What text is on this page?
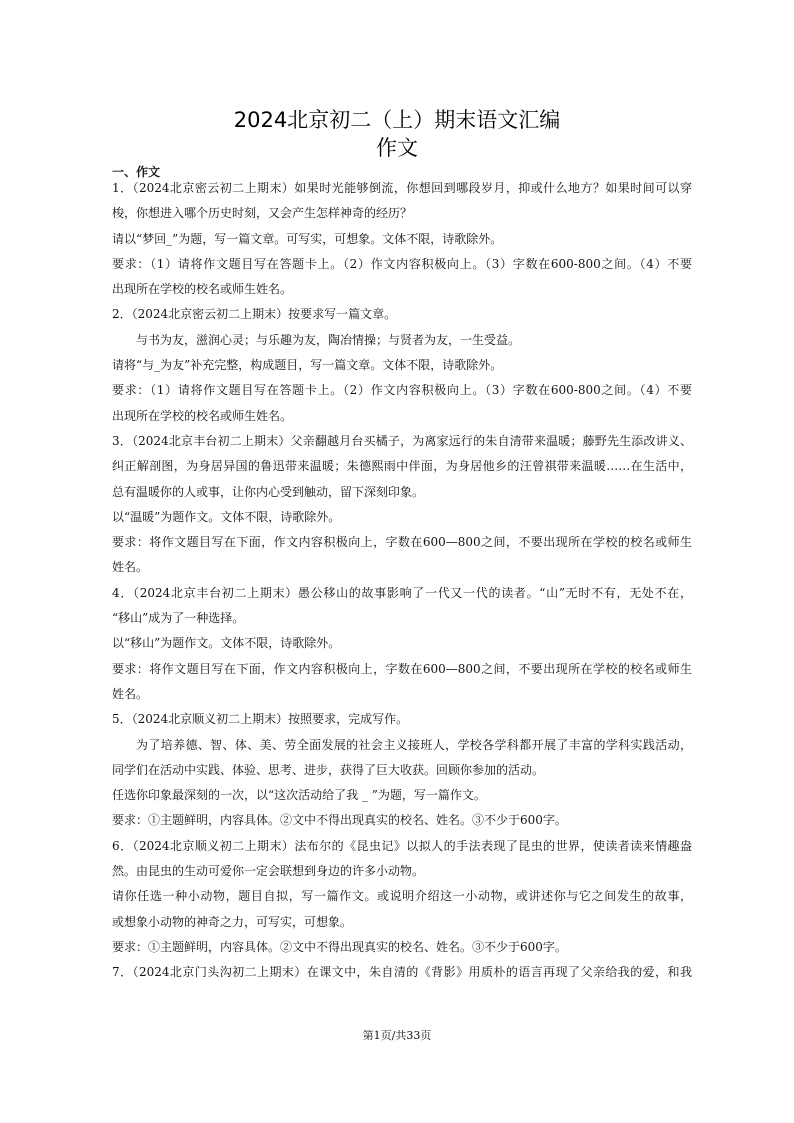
2024北京初二（上）期末语文汇编
作文
一、作文
1．（2024北京密云初二上期末）如果时光能够倒流，你想回到哪段岁月，抑或什么地方？如果时间可以穿
梭，你想进入哪个历史时刻，又会产生怎样神奇的经历？
请以“梦回_”为题，写一篇文章。可写实，可想象。文体不限，诗歌除外。
要求：（1）请将作文题目写在答题卡上。（2）作文内容积极向上。（3）字数在600-800之间。（4）不要
出现所在学校的校名或师生姓名。
2．（2024北京密云初二上期末）按要求写一篇文章。
与书为友，滋润心灵；与乐趣为友，陶冶情操；与贤者为友，一生受益。
请将“与_为友”补充完整，构成题目，写一篇文章。文体不限，诗歌除外。
要求：（1）请将作文题目写在答题卡上。（2）作文内容积极向上。（3）字数在600-800之间。（4）不要
出现所在学校的校名或师生姓名。
3．（2024北京丰台初二上期末）父亲翻越月台买橘子，为离家远行的朱自清带来温暖；藤野先生添改讲义、
纠正解剖图，为身居异国的鲁迅带来温暖；朱德熙雨中伴面，为身居他乡的汪曾祺带来温暖……在生活中，
总有温暖你的人或事，让你内心受到触动，留下深刻印象。
以“温暖”为题作文。文体不限，诗歌除外。
要求：将作文题目写在下面，作文内容积极向上，字数在600—800之间，不要出现所在学校的校名或师生
姓名。
4．（2024北京丰台初二上期末）愚公移山的故事影响了一代又一代的读者。“山”无时不有，无处不在，
“移山”成为了一种选择。
以“移山”为题作文。文体不限，诗歌除外。
要求：将作文题目写在下面，作文内容积极向上，字数在600—800之间，不要出现所在学校的校名或师生
姓名。
5．（2024北京顺义初二上期末）按照要求，完成写作。
为了培养德、智、体、美、劳全面发展的社会主义接班人，学校各学科都开展了丰富的学科实践活动，
同学们在活动中实践、体验、思考、进步，获得了巨大收获。回顾你参加的活动。
任选你印象最深刻的一次，以“这次活动给了我 _ ”为题，写一篇作文。
要求：①主题鲜明，内容具体。②文中不得出现真实的校名、姓名。③不少于600字。
6．（2024北京顺义初二上期末）法布尔的《昆虫记》以拟人的手法表现了昆虫的世界，使读者读来情趣盎
然。由昆虫的生动可爱你一定会联想到身边的许多小动物。
请你任选一种小动物，题目自拟，写一篇作文。或说明介绍这一小动物，或讲述你与它之间发生的故事，
或想象小动物的神奇之力，可写实，可想象。
要求：①主题鲜明，内容具体。②文中不得出现真实的校名、姓名。③不少于600字。
7．（2024北京门头沟初二上期末）在课文中，朱自清的《背影》用质朴的语言再现了父亲给我的爱，和我
第1页/共33页
